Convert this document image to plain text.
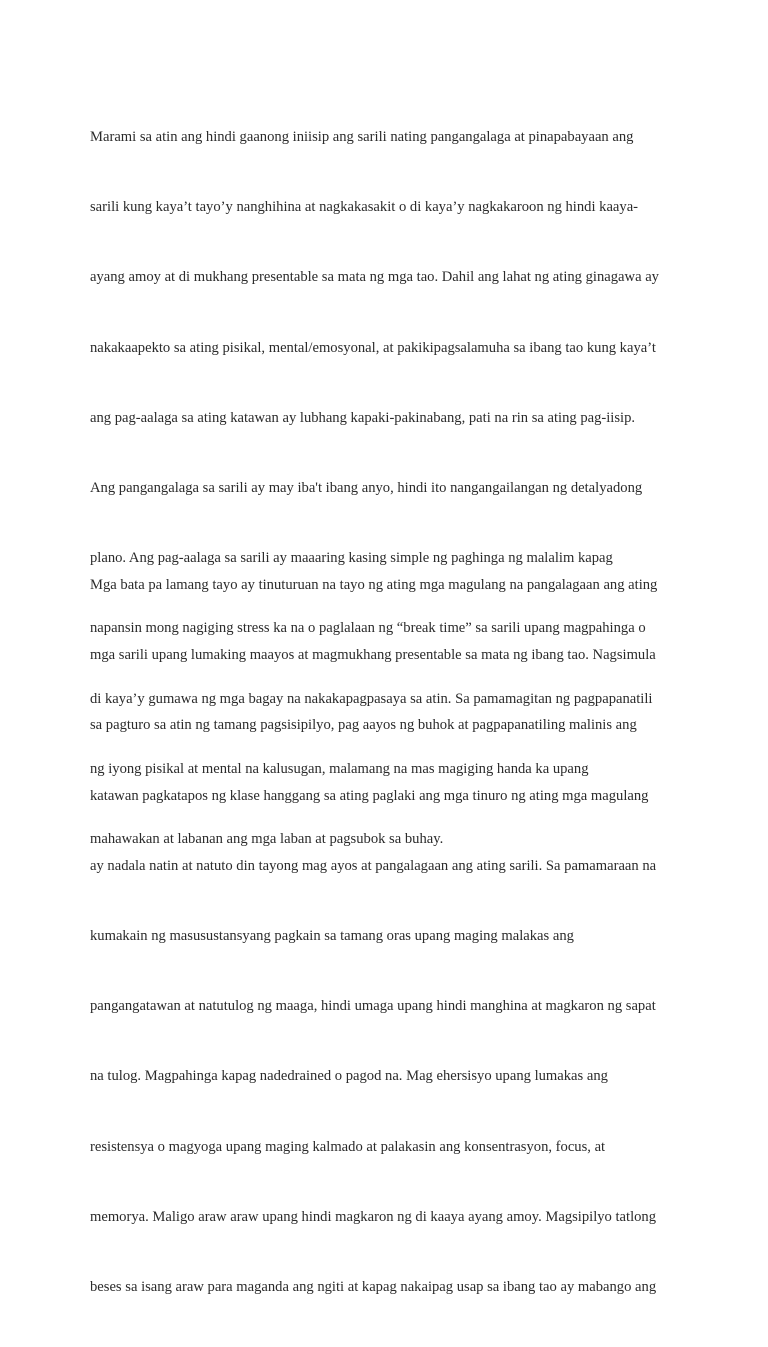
Marami sa atin ang hindi gaanong iniisip ang sarili nating pangangalaga at pinapabayaan ang

sarili kung kaya’t tayo’y nanghihina at nagkakasakit o di kaya’y nagkakaroon ng hindi kaaya-

ayang amoy at di mukhang presentable sa mata ng mga tao. Dahil ang lahat ng ating ginagawa ay

nakakaapekto sa ating pisikal, mental/emosyonal, at pakikipagsalamuha sa ibang tao kung kaya’t

ang pag-aalaga sa ating katawan ay lubhang kapaki-pakinabang, pati na rin sa ating pag-iisip.

Ang pangangalaga sa sarili ay may iba't ibang anyo, hindi ito nangangailangan ng detalyadong

plano. Ang pag-aalaga sa sarili ay maaaring kasing simple ng paghinga ng malalim kapag

napansin mong nagiging stress ka na o paglalaan ng “break time” sa sarili upang magpahinga o

di kaya’y gumawa ng mga bagay na nakakapagpasaya sa atin. Sa pamamagitan ng pagpapanatili

ng iyong pisikal at mental na kalusugan, malamang na mas magiging handa ka upang

mahawakan at labanan ang mga laban at pagsubok sa buhay.

Mga bata pa lamang tayo ay tinuturuan na tayo ng ating mga magulang na pangalagaan ang ating

mga sarili upang lumaking maayos at magmukhang presentable sa mata ng ibang tao. Nagsimula

sa pagturo sa atin ng tamang pagsisipilyo, pag aayos ng buhok at pagpapanatiling malinis ang

katawan pagkatapos ng klase hanggang sa ating paglaki ang mga tinuro ng ating mga magulang

ay nadala natin at natuto din tayong mag ayos at pangalagaan ang ating sarili. Sa pamamaraan na

kumakain ng masusustansyang pagkain sa tamang oras upang maging malakas ang

pangangatawan at natutulog ng maaga, hindi umaga upang hindi manghina at magkaron ng sapat

na tulog. Magpahinga kapag nadedrained o pagod na. Mag ehersisyo upang lumakas ang

resistensya o magyoga upang maging kalmado at palakasin ang konsentrasyon, focus, at

memorya. Maligo araw araw upang hindi magkaron ng di kaaya ayang amoy. Magsipilyo tatlong

beses sa isang araw para maganda ang ngiti at kapag nakaipag usap sa ibang tao ay mabango ang
